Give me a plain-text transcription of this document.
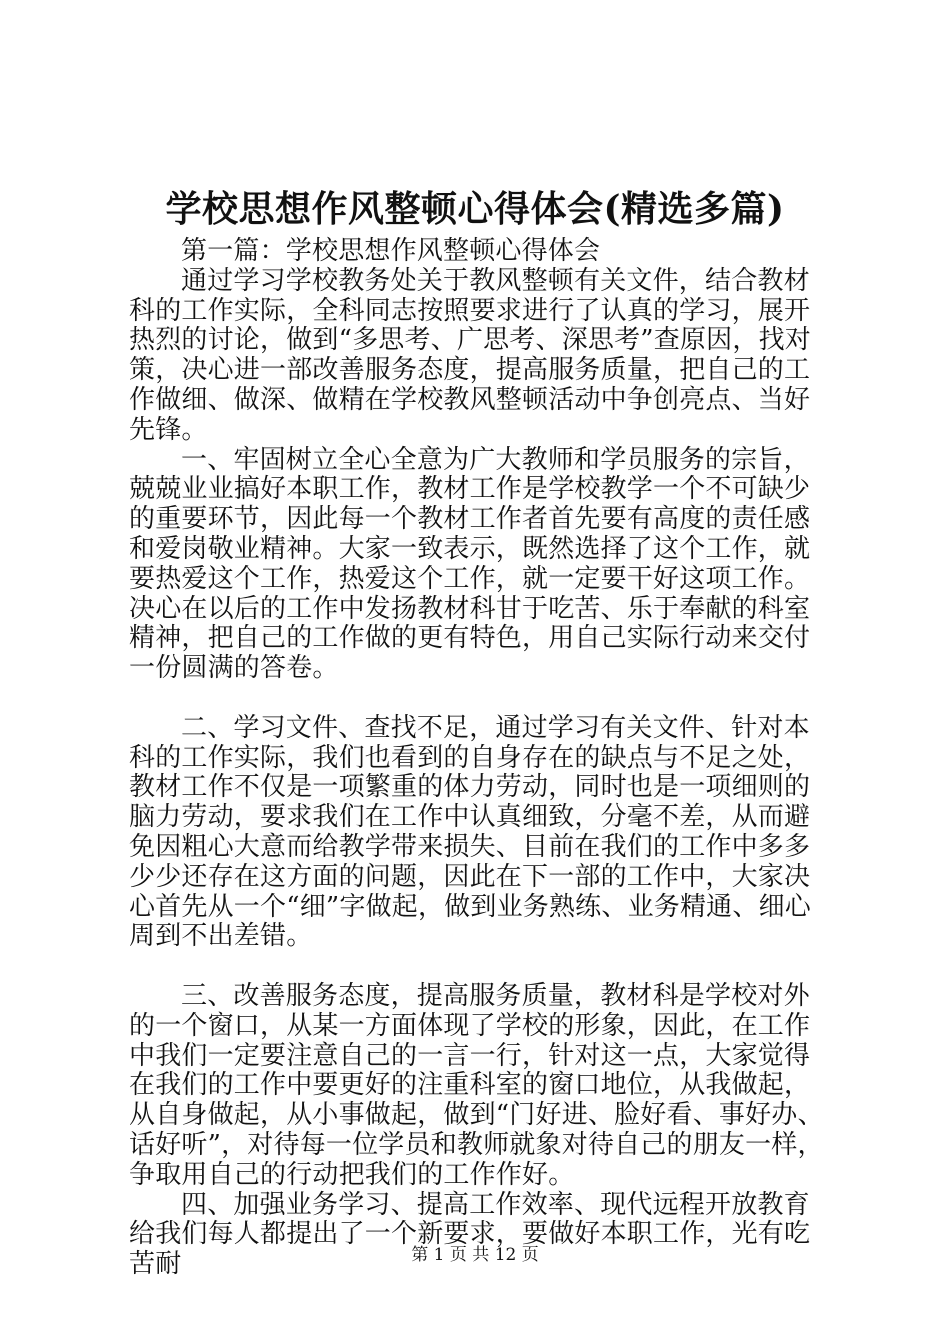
学校思想作风整顿心得体会(精选多篇)

第一篇：学校思想作风整顿心得体会

通过学习学校教务处关于教风整顿有关文件，结合教材科的工作实际，全科同志按照要求进行了认真的学习，展开热烈的讨论，做到“多思考、广思考、深思考”查原因，找对策，决心进一部改善服务态度，提高服务质量，把自己的工作做细、做深、做精在学校教风整顿活动中争创亮点、当好先锋。

一、牢固树立全心全意为广大教师和学员服务的宗旨，兢兢业业搞好本职工作，教材工作是学校教学一个不可缺少的重要环节，因此每一个教材工作者首先要有高度的责任感和爱岗敬业精神。大家一致表示，既然选择了这个工作，就要热爱这个工作，热爱这个工作，就一定要干好这项工作。决心在以后的工作中发扬教材科甘于吃苦、乐于奉献的科室精神，把自己的工作做的更有特色，用自己实际行动来交付一份圆满的答卷。

二、学习文件、查找不足，通过学习有关文件、针对本科的工作实际，我们也看到的自身存在的缺点与不足之处，教材工作不仅是一项繁重的体力劳动，同时也是一项细则的脑力劳动，要求我们在工作中认真细致，分毫不差，从而避免因粗心大意而给教学带来损失、目前在我们的工作中多多少少还存在这方面的问题，因此在下一部的工作中，大家决心首先从一个“细”字做起，做到业务熟练、业务精通、细心周到不出差错。

三、改善服务态度，提高服务质量，教材科是学校对外的一个窗口，从某一方面体现了学校的形象，因此，在工作中我们一定要注意自己的一言一行，针对这一点，大家觉得在我们的工作中要更好的注重科室的窗口地位，从我做起，从自身做起，从小事做起，做到“门好进、脸好看、事好办、话好听”，对待每一位学员和教师就象对待自己的朋友一样，争取用自己的行动把我们的工作作好。

四、加强业务学习、提高工作效率、现代远程开放教育给我们每人都提出了一个新要求，要做好本职工作，光有吃苦耐	第 1 页 共 12 页
